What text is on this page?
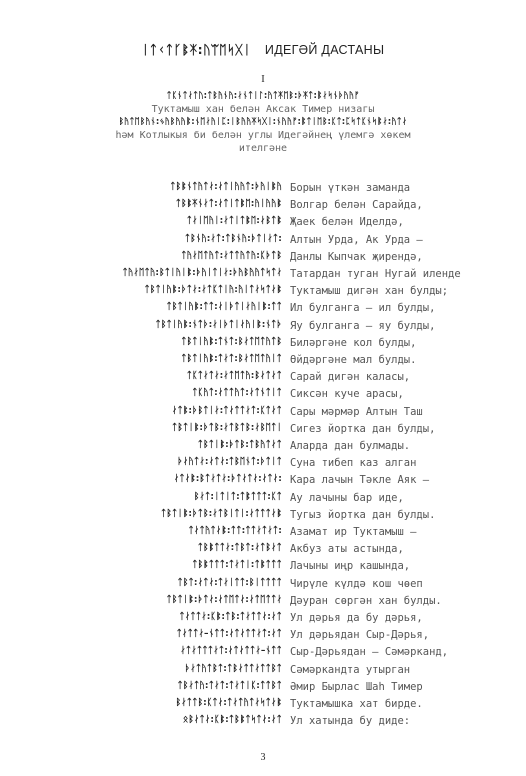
ᛁᛏᚲᛏᚴᛔᛡ:ᚢᛠᛖᛋᚷᛁ ИДЕГӘЙ ДАСТАНЫ
I
ᛏᛕᚾᛏᛅᛏᚢ:ᛏᛒᚤᚾᚤ:ᛅᚾᛏᛁᛚ:ᚤᛏᛡᛖᛒ:ᚦᛡᛏ:ᛔᛅᛋᚾᚦᚤᚤᚠ
Туктамыш хан белән Аксак Тимер низагы
ᛒᚤᛏᛖᛒᚤᚾ:ᛃᚤᛒᚤᚤᛔ:ᚾᛖᛅᚤᛁᛈ:ᛁᛒᚤᚤᛡᛋᚷᛁ:ᚾᚤᚤᚠ:ᛔᛏᛁᛖᛒ:ᛕᛏ:ᛈᛋᛏᛕᚾᛋᛔᛅ:ᚤᛏᛅ
һәм Котлыкыя би белән углы Идегәйнең үлемгә хөкем
ителгәне
ᛏᛒᛔᚾᛏᚤᛏᛅ:ᛅᛏᛁᚤᚤᛏ:ᚦᚤᛁᛔᚤ Борын үткән заманда
ᛏᛒᛔᛡᚾᛅᛏ:ᛅᛏᛁᛏᛔᛖ:ᚤᛁᚤᚤᛔ Волгар белән Сарайда,
ᛏᛅᛁᛖᚤᛁ:ᛅᛏᛁᛏᛔᛖ:ᛅᛒᛏᛔ Җаек белән Иделдә,
ᛏᛒᚾᚤ:ᛅᛏ:ᛏᛒᚾᚤ:ᚦᛏᛁᛅᛏ: Алтын Урда, Ак Урда –
ᛏᚤᛅᛖᛏᚤᛏ:ᛅᛏᛏᚤᛏᚤ:ᛕᚦᛏᛒ Данлы Кыпчак җирендә,
ᛏᚤᛅᛖᛏᚤ:ᛒᛏᛁᚤᛁᛔ:ᚦᚤᛁᛏᛁᛅ:ᚦᚤᛒᚤᚤᛏᛋᛏᛅ Татардан туган Нугай иленде
ᛏᛒᛏᛁᚤᛔ:ᚦᛏᛅ:ᛅᛏᛕᛏᛁᚤ:ᚤᛁᛏᛅᛋᛏᛅᛔ Туктамыш дигән хан булды;
ᛏᛒᛏᛁᚤᛔ:ᛏᛏ:ᛅᛁᚦᛏᛁᛅᚤᛁᛔ:ᛏᛏ Ил булганга – ил булды,
ᛏᛒᛏᛁᚤᛔ:ᚾᛏᚦ:ᛅᛁᚦᛏᛁᛅᚤᛁᛔ:ᚾᛏᚦ Яу булганга – яу булды,
ᛏᛒᛏᛁᚤᛔ:ᛏᚾᛏ:ᛒᛅᛏᛖᛏᚤᛏᛒ Биләргәне кол булды,
ᛏᛒᛏᛁᚤᛔ:ᛏᛅᛏ:ᛒᛅᛏᛖᛏᚤᛁᛏ Өйдәргәне мал булды.
ᛏᛕᛏᛅᛏᛅ:ᛅᛏᛖᛏᚤ:ᛒᛅᛏᛅᛏ Сарай дигән каласы,
ᛏᛕᚤᛏ:ᛅᛏᛏᚤᛏ:ᛅᛏᚾᛏᛁᛏ Сиксән куче арасы,
ᛅᛏᛔ:ᚦᛒᛏᛁᛅ:ᛏᛅᛏᛏᛅᛏ:ᛕᛏᛅᛏ Сары мәрмәр Алтын Таш
ᛏᛒᛏᛁᛔ:ᚦᛏᛒ:ᛅᛏᛒᛏᛒ:ᛅᛒᛖᛏᛁ Сигез йортка дан булды,
ᛏᛒᛏᛁᛔ:ᚦᛏᛒ:ᛏᛒᚤᛏᛅᛏ Аларда дан булмады.
ᚦᛅᚤᛏᛅ:ᛅᛏᛅ:ᛏᛒᛖᚾᛏ:ᚦᛏᛁᛏ Суна тибеп каз алган
ᛅᛏᛅᛔ:ᛒᛏᛅᛏᛅ:ᚦᛏᛅᛏᛅ:ᛅᛏᛅ: Кара лачын Тәкле Аяк –
ᛒᛅᛏ:ᛁᛏᛁᛏ:ᛏᛔᛏᛏᛏ:ᛕᛏ Ау лачыны бар иде,
ᛏᛒᛏᛁᛔ:ᚦᛏᛒ:ᛅᛏᛒᛁᛏᛁ:ᛅᛏᛏᛏᛅᛔ Тугыз йортка дан булды.
ᛏᛅᛏᚤᛏᛅᛔ:ᛏᛏ:ᛏᛏᛅᛏᛅᛏ: Азамат ир Туктамыш –
ᛏᛒᛔᛏᛏᛅ:ᛏᛒᛏ:ᛅᛏᛒᛅᛏ Акбуз аты астында,
ᛏᛒᛔᛏᛏᛏ:ᛏᛅᛏᛁ:ᛏᛔᛏᛏᛏ Лачыны иңр кашында,
ᛏᛒᛏ:ᛅᛏᛅ:ᛏᛅᛁᛏᛏ:ᛒᛁᛏᛏᛏᛏ Чирүле күлдә кош чөеп
ᛏᛒᛏᛁᛔ:ᚦᛏᛅ:ᛅᛏᛖᛏᛅ:ᛅᛏᛖᛏᛏᛅ Дәуран сөргән хан булды.
ᛏᛅᛏᛏᛅ:ᛕᛔ:ᛏᛒ:ᛏᛅᛏᛏᛅ:ᛅᛏ Ул дәрья да бу дәрья,
ᛏᛅᛏᛏᛅ–ᚾᛏᛏ:ᛅᛏᛅᛏᛏᛅᛏ:ᛅᛏ Ул дәрьядан Сыр-Дәрья,
ᛅᛏᛅᛏᛏᛏᛅᛏ:ᛅᛏᛅᛏᛏᛅ–ᚾᛏᛏ Сыр-Дәрьядан – Сәмәрканд,
ᚦᛅᛏᚤᛏᛒᛏ:ᛏᛒᛅᛏᛏᛅᛏᛏᛒᛏ Сәмәркандта утырган
ᛏᛒᛅᛏᚤ:ᛏᛅᛏ:ᛏᛅᛏᛁᛕ:ᛏᛏᛒᛏ Әмир Бырлас Шаһ Тимер
ᛒᛅᛏᛏᛒ:ᛕᛏᛅ:ᛏᛅᛏᚤᛏᛅᛋᛏᛅᛔ Туктамышка хат бирде.
ᛟᛒᛅᛏᛅ:ᛕᛔ:ᛏᛒᛔᛏᛋᛏᛅ:ᛅᛏ Ул хатында бу диде:
3
